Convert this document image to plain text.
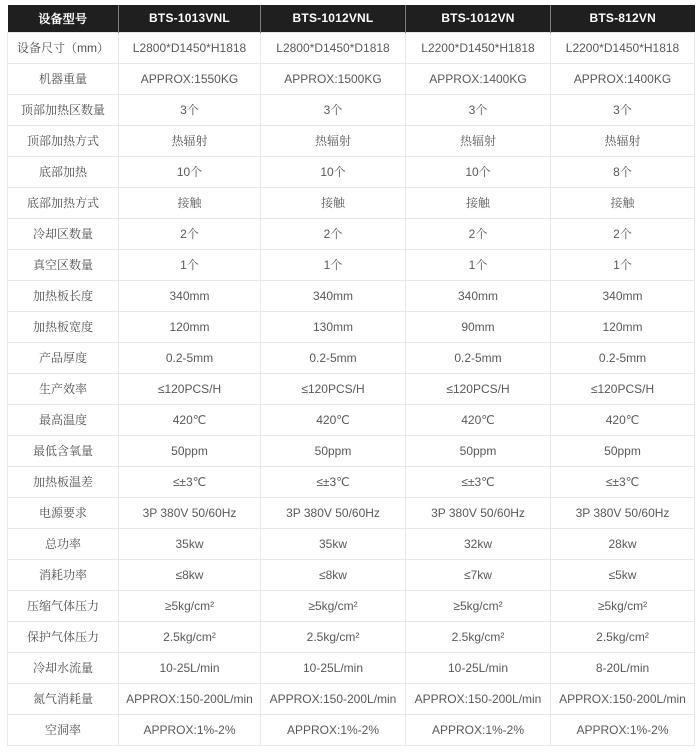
设备型号	BTS-1013VNL	BTS-1012VNL	BTS-1012VN	BTS-812VN
设备尺寸（mm）	L2800*D1450*H1818	L2800*D1450*D1818	L2200*D1450*H1818	L2200*D1450*H1818
机器重量	APPROX:1550KG	APPROX:1500KG	APPROX:1400KG	APPROX:1400KG
顶部加热区数量	3个	3个	3个	3个
顶部加热方式	热辐射	热辐射	热辐射	热辐射
底部加热	10个	10个	10个	8个
底部加热方式	接触	接触	接触	接触
冷却区数量	2个	2个	2个	2个
真空区数量	1个	1个	1个	1个
加热板长度	340mm	340mm	340mm	340mm
加热板宽度	120mm	130mm	90mm	120mm
产品厚度	0.2-5mm	0.2-5mm	0.2-5mm	0.2-5mm
生产效率	≤120PCS/H	≤120PCS/H	≤120PCS/H	≤120PCS/H
最高温度	420℃	420℃	420℃	420℃
最低含氧量	50ppm	50ppm	50ppm	50ppm
加热板温差	≤±3℃	≤±3℃	≤±3℃	≤±3℃
电源要求	3P 380V 50/60Hz	3P 380V 50/60Hz	3P 380V 50/60Hz	3P 380V 50/60Hz
总功率	35kw	35kw	32kw	28kw
消耗功率	≤8kw	≤8kw	≤7kw	≤5kw
压缩气体压力	≥5kg/cm²	≥5kg/cm²	≥5kg/cm²	≥5kg/cm²
保护气体压力	2.5kg/cm²	2.5kg/cm²	2.5kg/cm²	2.5kg/cm²
冷却水流量	10-25L/min	10-25L/min	10-25L/min	8-20L/min
氮气消耗量	APPROX:150-200L/min	APPROX:150-200L/min	APPROX:150-200L/min	APPROX:150-200L/min
空洞率	APPROX:1%-2%	APPROX:1%-2%	APPROX:1%-2%	APPROX:1%-2%
